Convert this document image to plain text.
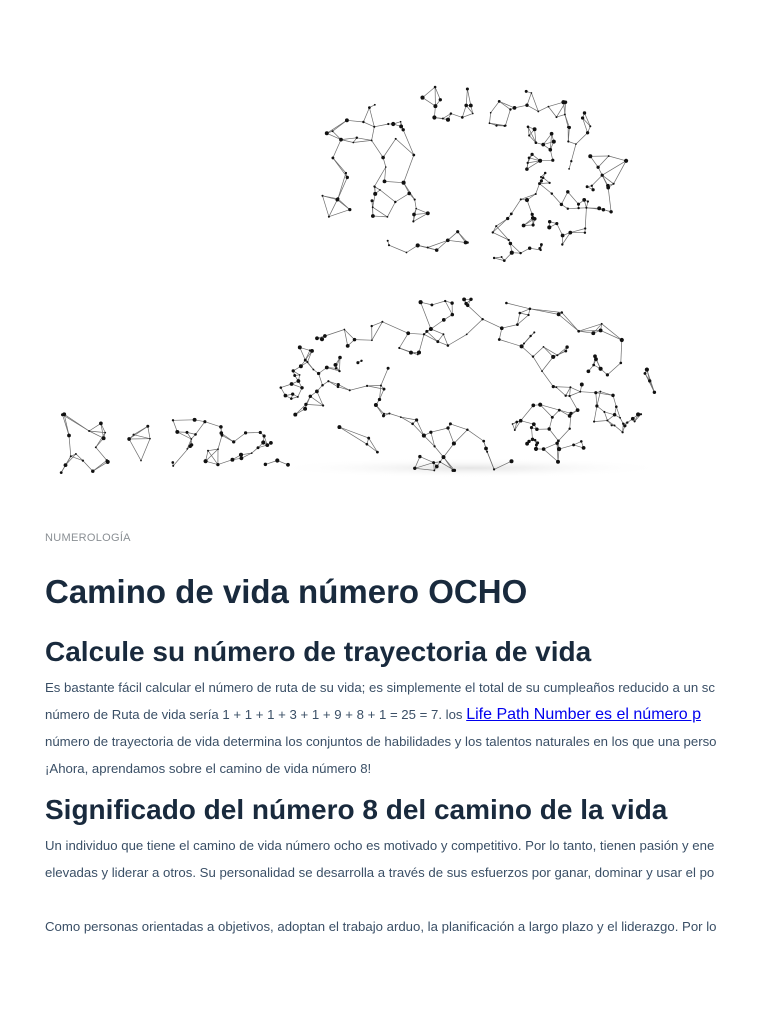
NUMEROLOGÍA
Camino de vida número OCHO
Calcule su número de trayectoria de vida

Es bastante fácil calcular el número de ruta de su vida; es simplemente el total de su cumpleaños reducido a un sc
número de Ruta de vida sería 1 + 1 + 1 + 3 + 1 + 9 + 8 + 1 = 25 = 7. los Life Path Number es el número p
número de trayectoria de vida determina los conjuntos de habilidades y los talentos naturales en los que una perso
¡Ahora, aprendamos sobre el camino de vida número 8!

Significado del número 8 del camino de la vida

Un individuo que tiene el camino de vida número ocho es motivado y competitivo. Por lo tanto, tienen pasión y ene
elevadas y liderar a otros. Su personalidad se desarrolla a través de sus esfuerzos por ganar, dominar y usar el po

Como personas orientadas a objetivos, adoptan el trabajo arduo, la planificación a largo plazo y el liderazgo. Por lo
